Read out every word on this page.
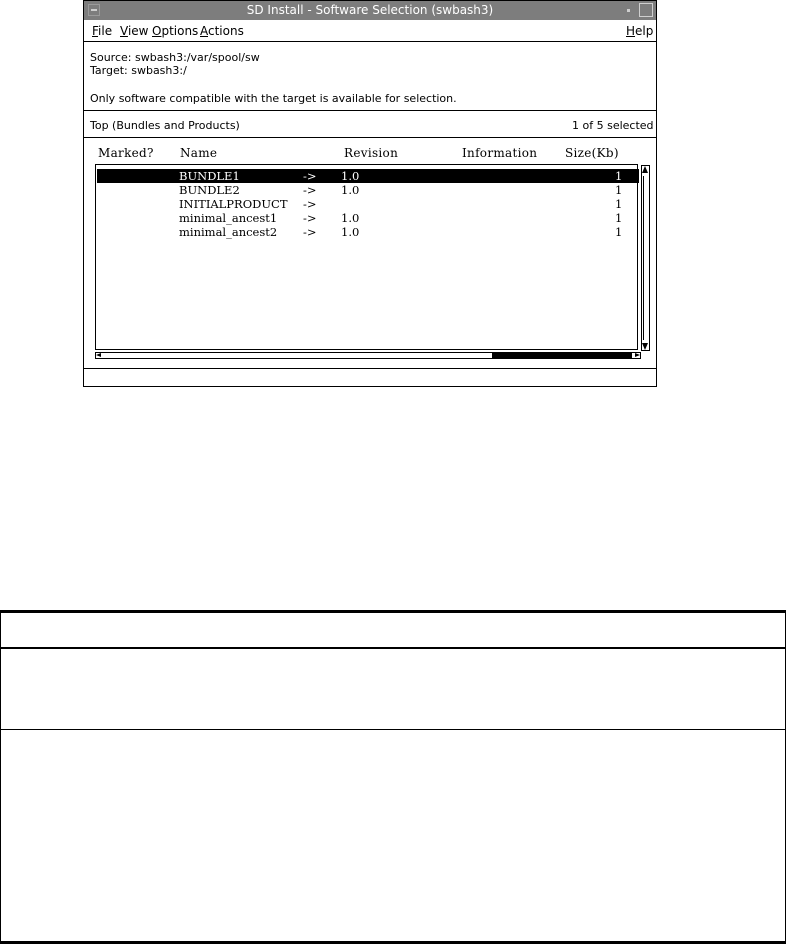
SD Install - Software Selection (swbash3)
File View Options Actions	Help
Source: swbash3:/var/spool/sw
Target: swbash3:/
Only software compatible with the target is available for selection.
Top (Bundles and Products)	1 of 5 selected
Marked? Name	Revision	Information Size(Kb)
BUNDLE1	-> 1.0	1
BUNDLE2	-> 1.0	1
INITIALPRODUCT ->	1
minimal_ancest1 -> 1.0	1
minimal_ancest2 -> 1.0	1
